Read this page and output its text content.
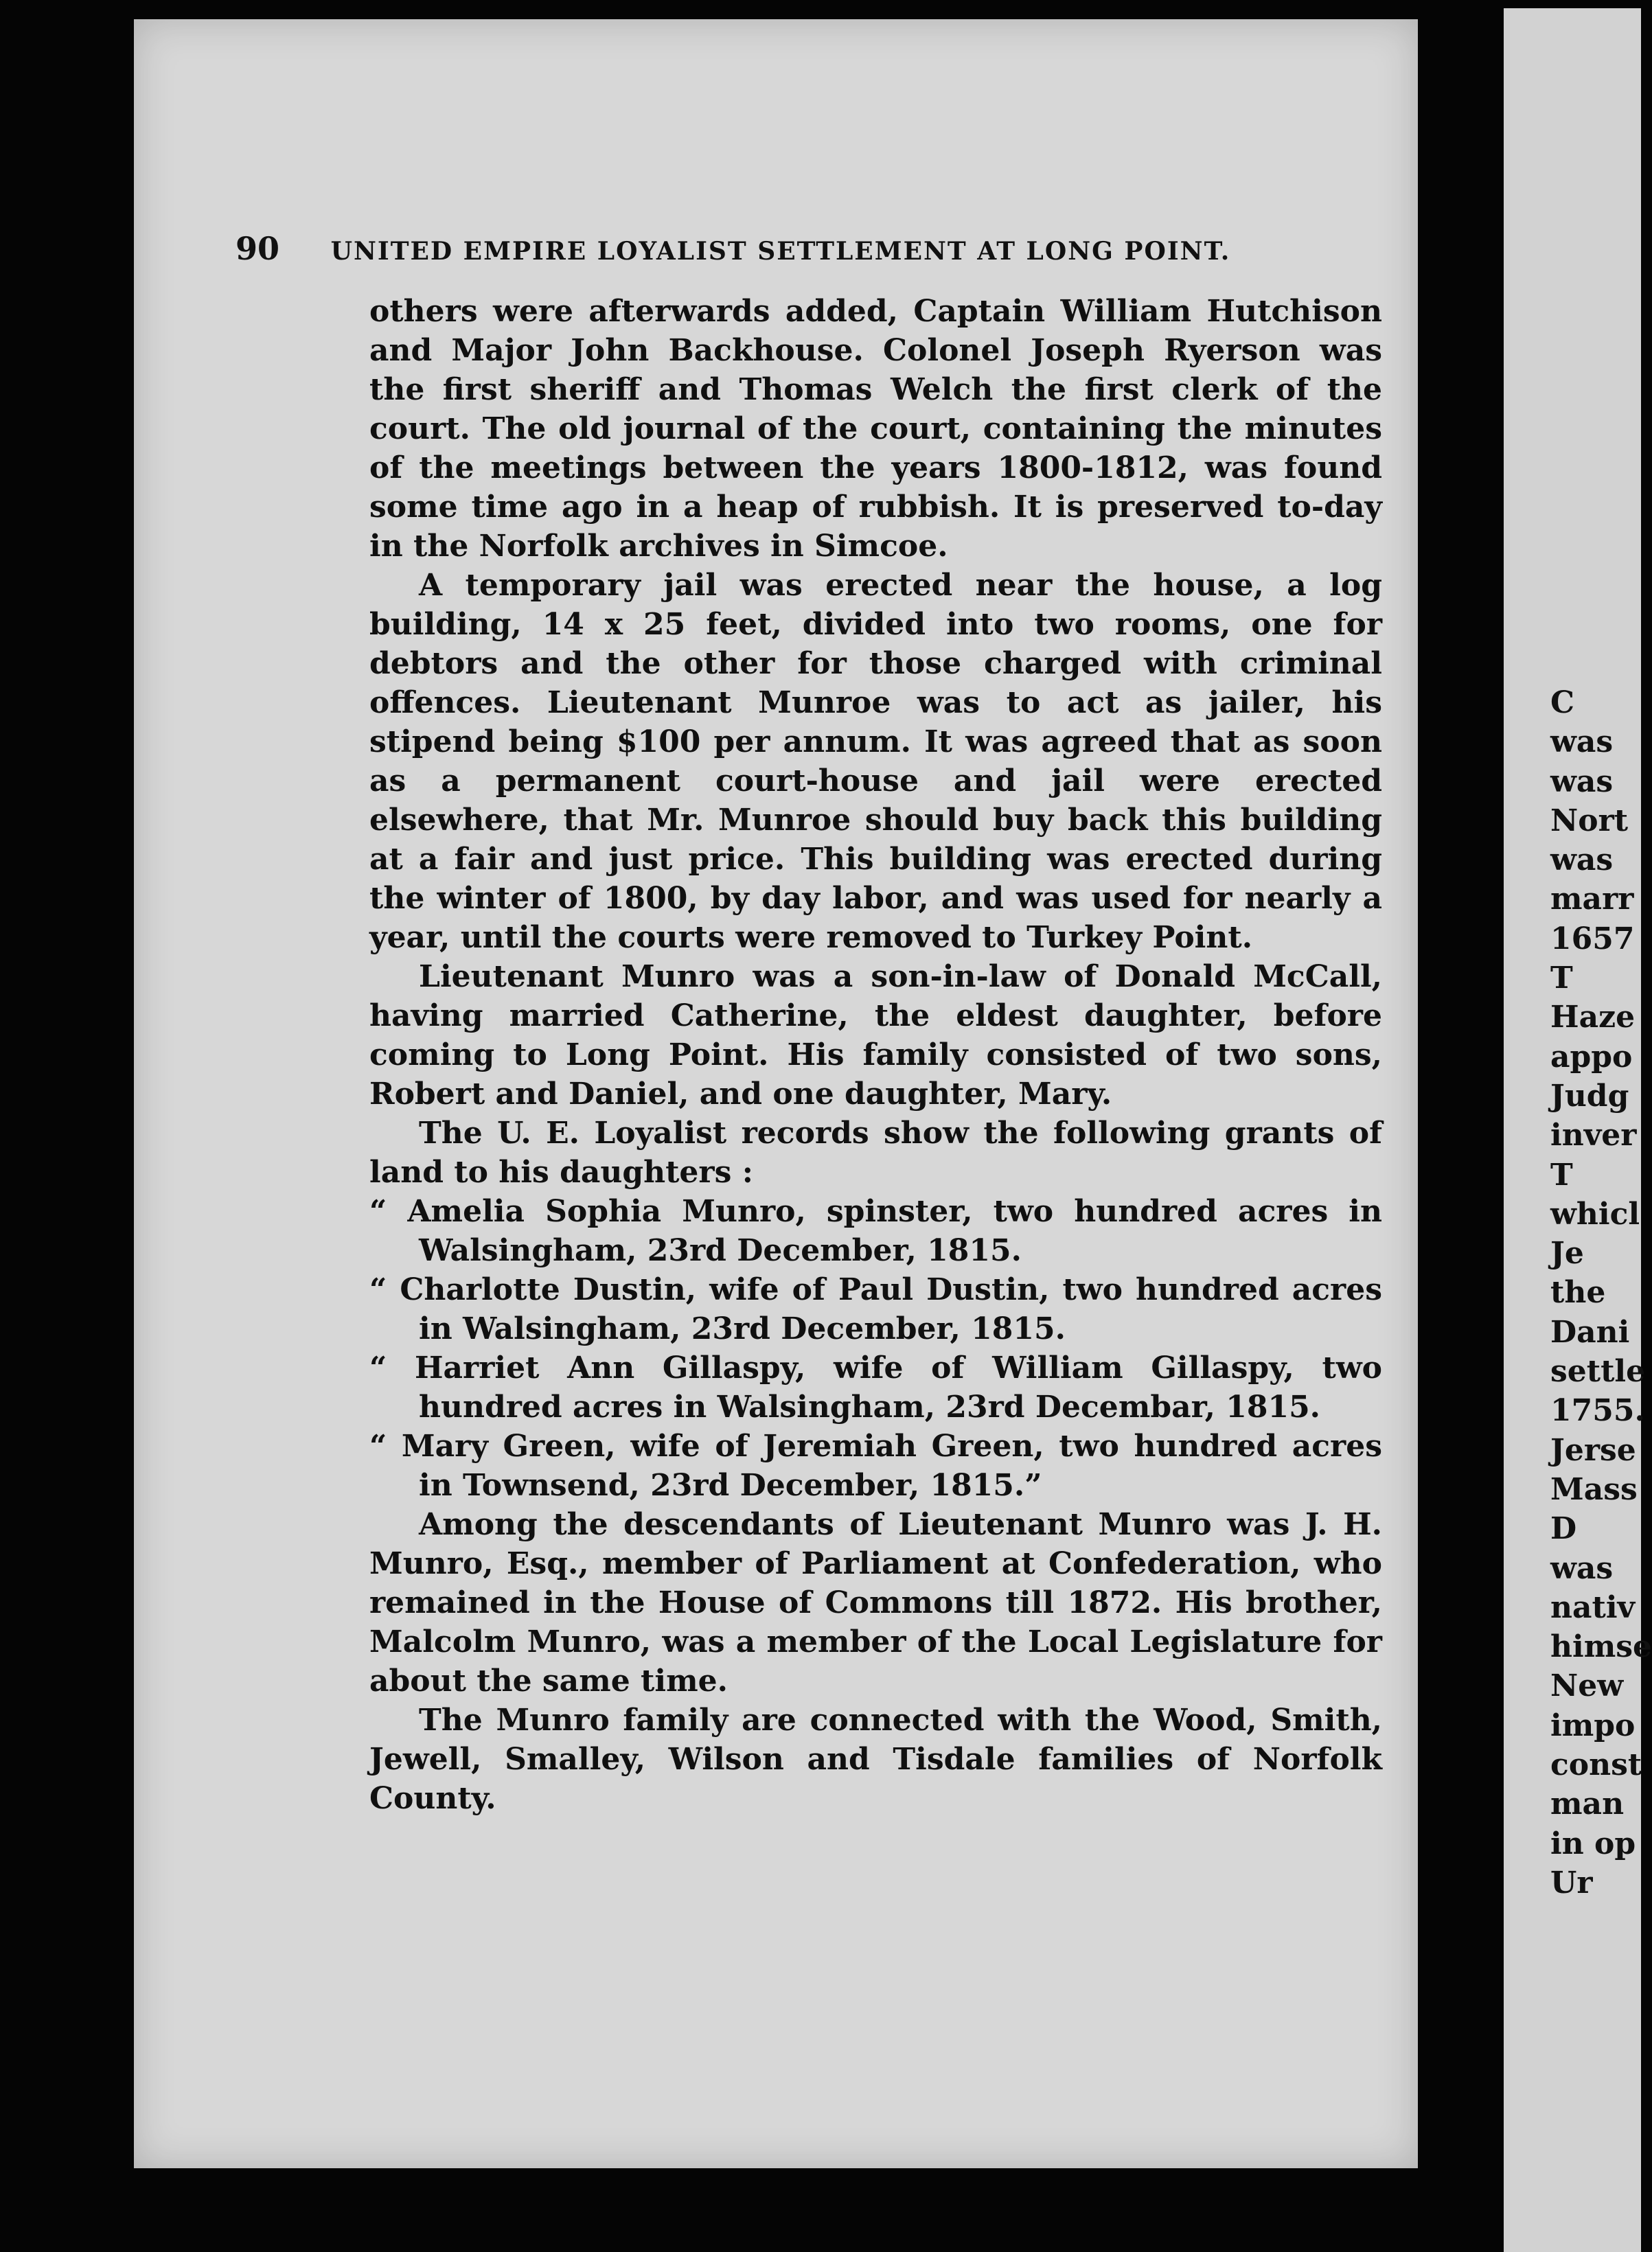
90 UNITED EMPIRE LOYALIST SETTLEMENT AT LONG POINT.

others were afterwards added, Captain William Hutchison and Major John Backhouse. Colonel Joseph Ryerson was the first sheriff and Thomas Welch the first clerk of the court. The old journal of the court, containing the minutes of the meetings between the years 1800-1812, was found some time ago in a heap of rubbish. It is preserved to-day in the Norfolk archives in Simcoe.

A temporary jail was erected near the house, a log building, 14 x 25 feet, divided into two rooms, one for debtors and the other for those charged with criminal offences. Lieutenant Munroe was to act as jailer, his stipend being $100 per annum. It was agreed that as soon as a permanent court-house and jail were erected elsewhere, that Mr. Munroe should buy back this building at a fair and just price. This building was erected during the winter of 1800, by day labor, and was used for nearly a year, until the courts were removed to Turkey Point.

Lieutenant Munro was a son-in-law of Donald McCall, having married Catherine, the eldest daughter, before coming to Long Point. His family consisted of two sons, Robert and Daniel, and one daughter, Mary.

The U. E. Loyalist records show the following grants of land to his daughters :

“ Amelia Sophia Munro, spinster, two hundred acres in Walsingham, 23rd December, 1815.

“ Charlotte Dustin, wife of Paul Dustin, two hundred acres in Walsingham, 23rd December, 1815.

“ Harriet Ann Gillaspy, wife of William Gillaspy, two hundred acres in Walsingham, 23rd Decembar, 1815.

“ Mary Green, wife of Jeremiah Green, two hundred acres in Townsend, 23rd December, 1815.”

Among the descendants of Lieutenant Munro was J. H. Munro, Esq., member of Parliament at Confederation, who remained in the House of Commons till 1872. His brother, Malcolm Munro, was a member of the Local Legislature for about the same time.

The Munro family are connected with the Wood, Smith, Jewell, Smalley, Wilson and Tisdale families of Norfolk County.

C
was
was
Nort
was
marr
1657
T
Haze
appo
Judg
inver
T
whicl
Je
the
Dani
settle
1755.
Jerse
Mass
D
was
nativ
himse
New
impo
const
man
in op
Ur
